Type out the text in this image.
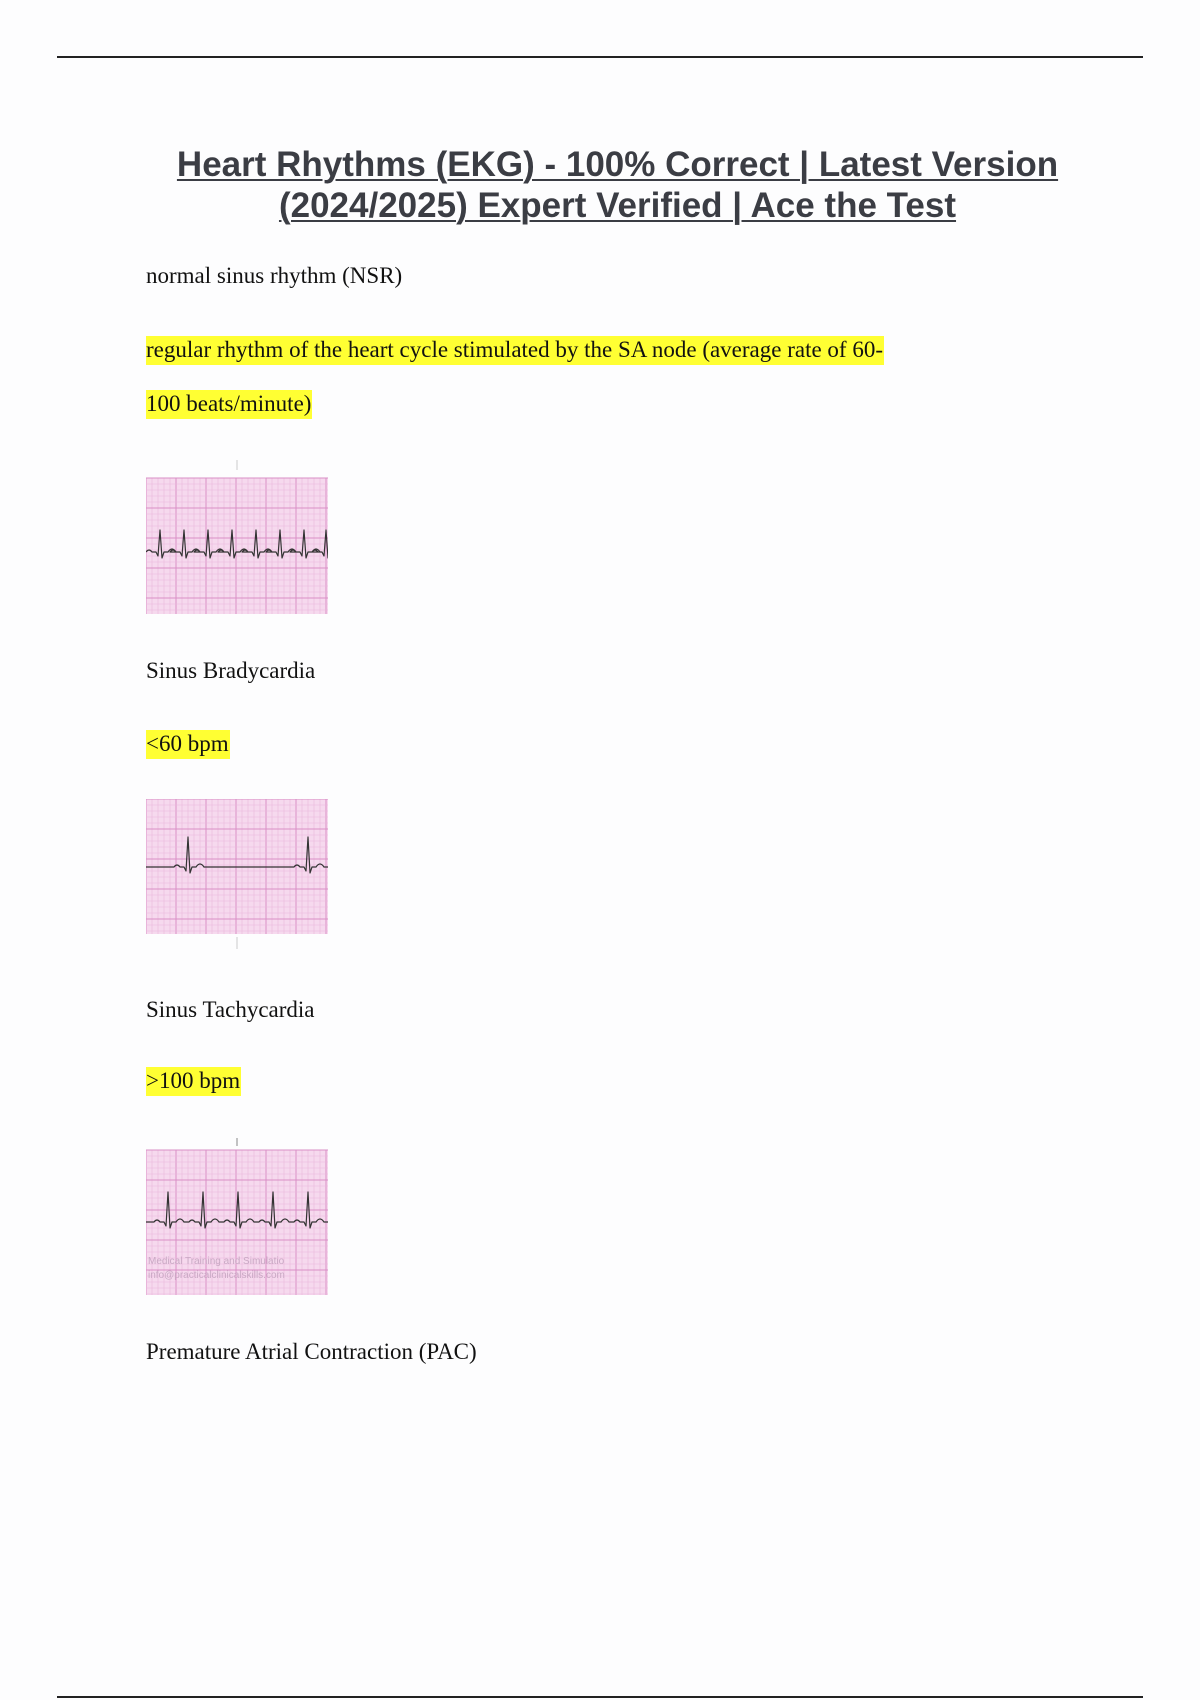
Heart Rhythms (EKG) - 100% Correct | Latest Version
(2024/2025) Expert Verified | Ace the Test
normal sinus rhythm (NSR)
regular rhythm of the heart cycle stimulated by the SA node (average rate of 60-
100 beats/minute)
Sinus Bradycardia
<60 bpm
Sinus Tachycardia
>100 bpm
Medical Training and Simulatio
info@practicalclinicalskills.com
Premature Atrial Contraction (PAC)
